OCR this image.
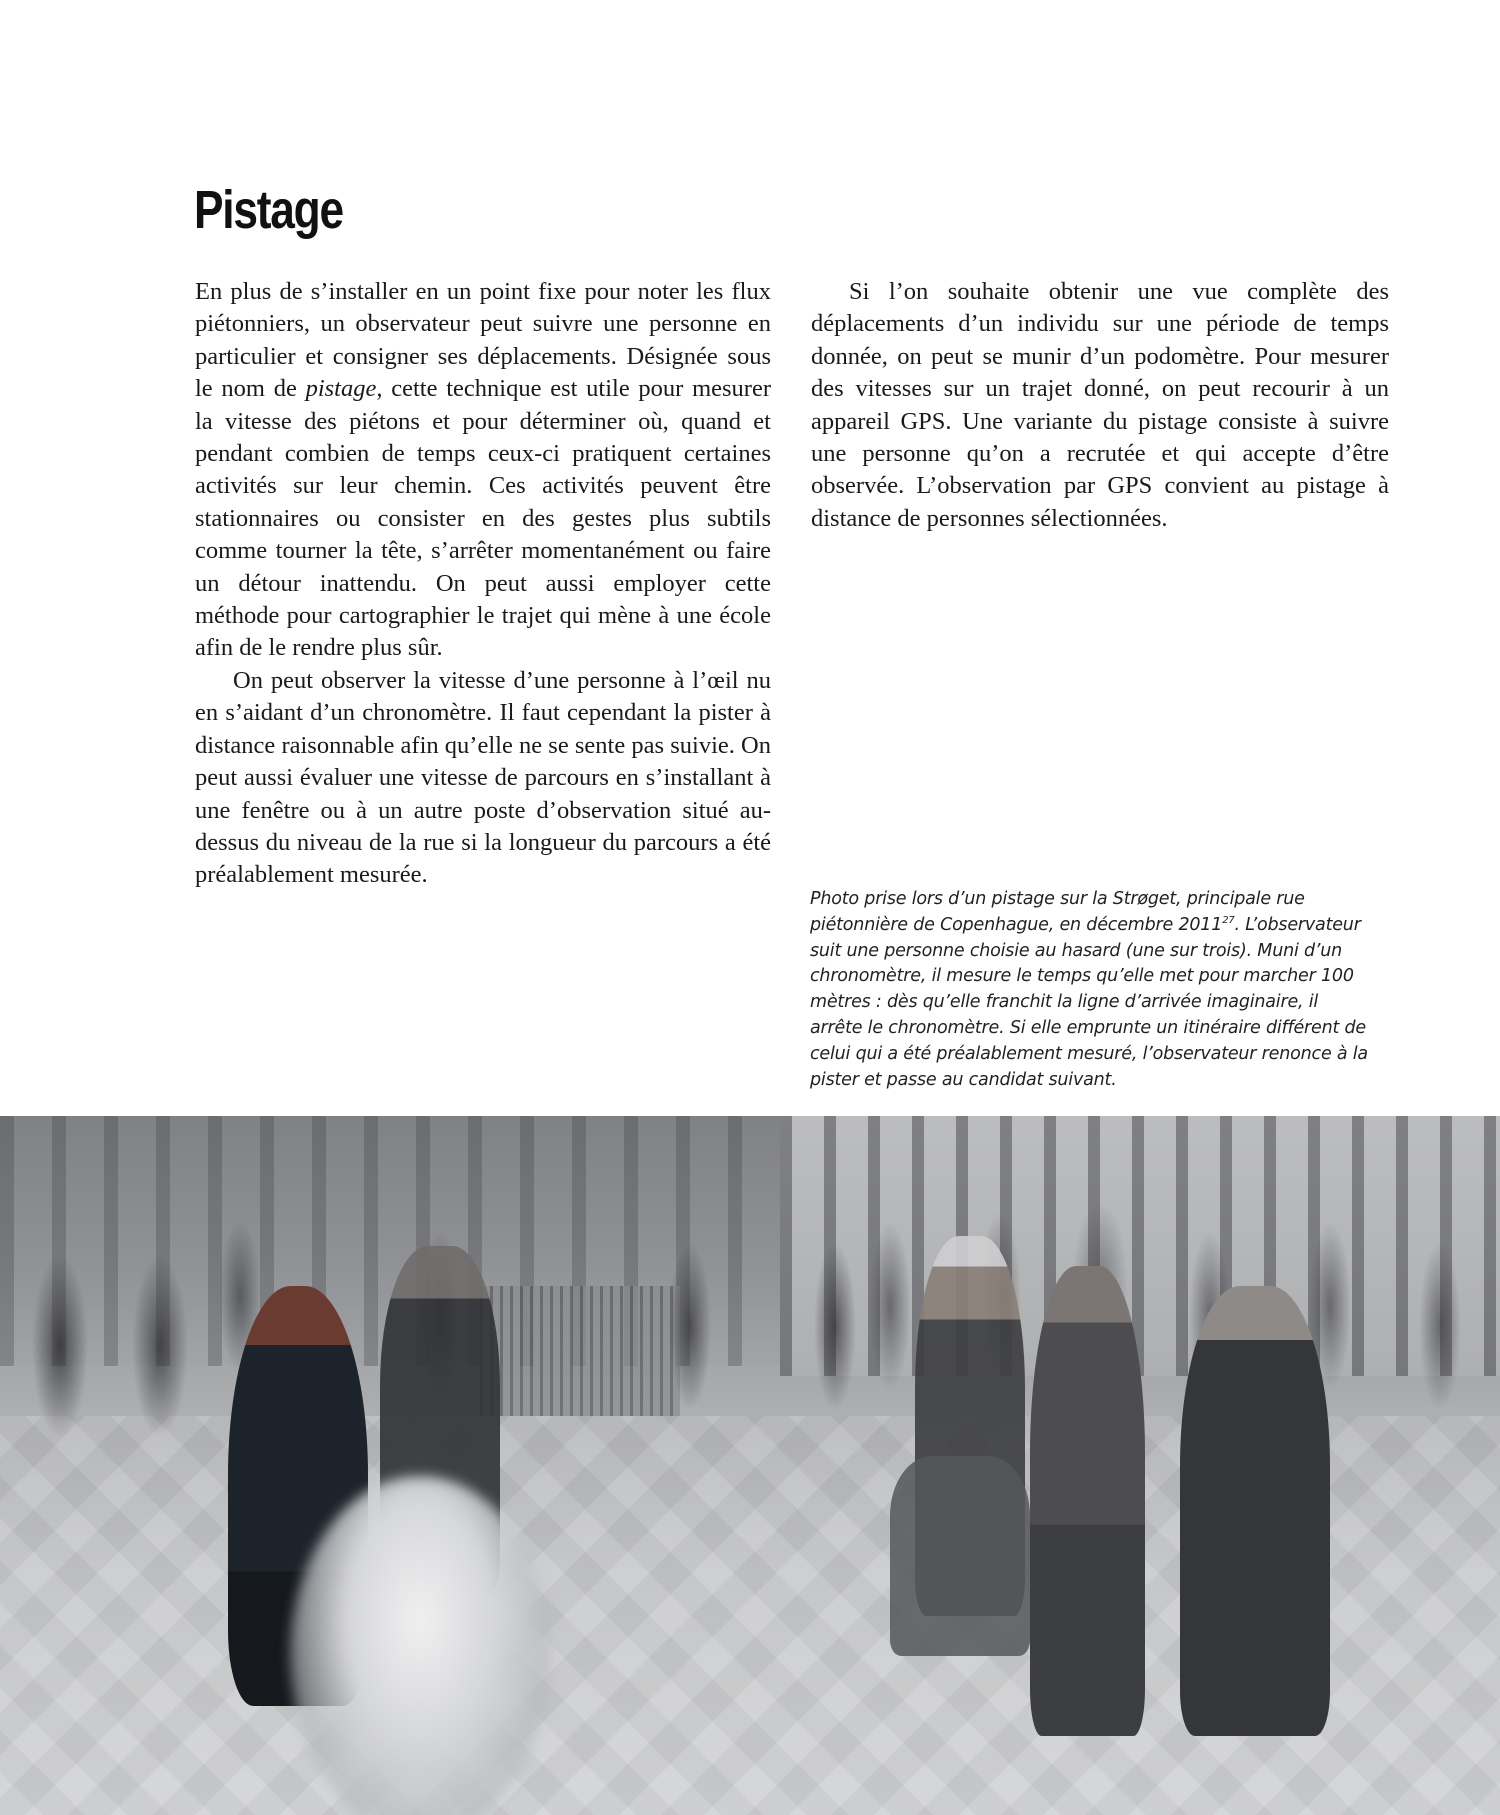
Pistage

En plus de s’installer en un point fixe pour noter les flux piétonniers, un observateur peut suivre une personne en particulier et consigner ses déplacements. Désignée sous le nom de pistage, cette technique est utile pour mesurer la vitesse des piétons et pour déterminer où, quand et pendant combien de temps ceux-ci pratiquent certaines activités sur leur chemin. Ces activités peuvent être stationnaires ou consister en des gestes plus subtils comme tourner la tête, s’arrêter momentanément ou faire un détour inattendu. On peut aussi employer cette méthode pour cartographier le trajet qui mène à une école afin de le rendre plus sûr.

On peut observer la vitesse d’une personne à l’œil nu en s’aidant d’un chronomètre. Il faut cependant la pister à distance raisonnable afin qu’elle ne se sente pas suivie. On peut aussi évaluer une vitesse de parcours en s’installant à une fenêtre ou à un autre poste d’observation situé au-dessus du niveau de la rue si la longueur du parcours a été préalablement mesurée.

Si l’on souhaite obtenir une vue complète des déplacements d’un individu sur une période de temps donnée, on peut se munir d’un podomètre. Pour mesurer des vitesses sur un trajet donné, on peut recourir à un appareil GPS. Une variante du pistage consiste à suivre une personne qu’on a recrutée et qui accepte d’être observée. L’observation par GPS convient au pistage à distance de personnes sélectionnées.

Photo prise lors d’un pistage sur la Strøget, principale rue piétonnière de Copenhague, en décembre 2011$^{27}$. L’observateur suit une personne choisie au hasard (une sur trois). Muni d’un chronomètre, il mesure le temps qu’elle met pour marcher 100 mètres : dès qu’elle franchit la ligne d’arrivée imaginaire, il arrête le chronomètre. Si elle emprunte un itinéraire différent de celui qui a été préalablement mesuré, l’observateur renonce à la pister et passe au candidat suivant.
